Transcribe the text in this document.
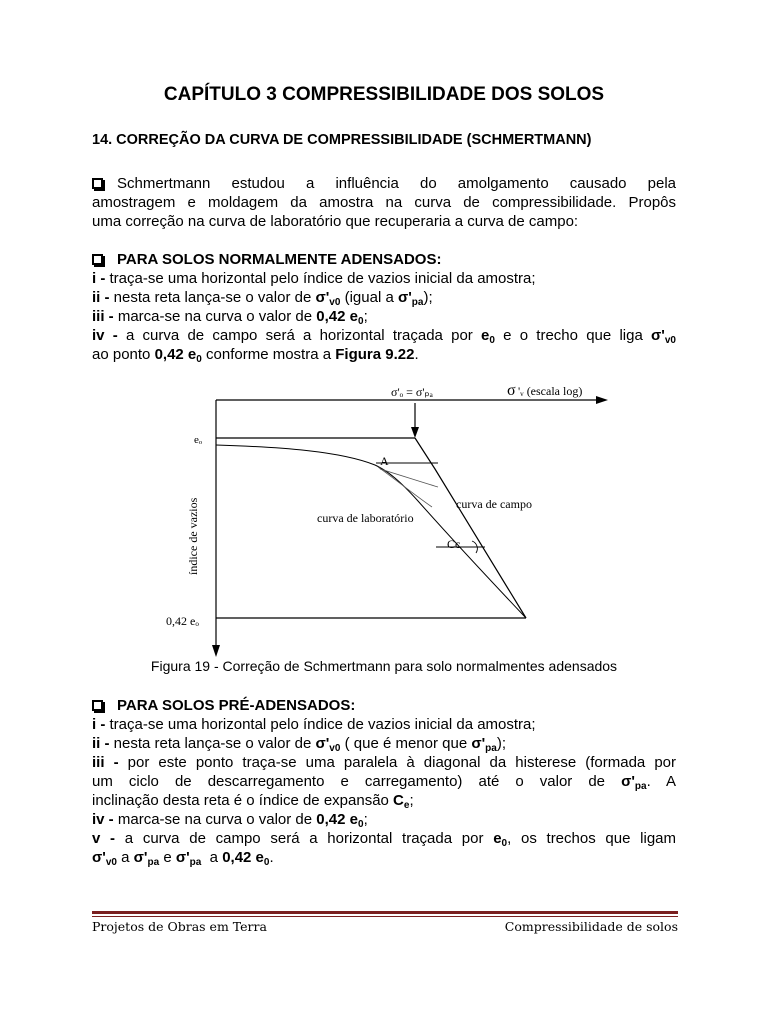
CAPÍTULO 3 COMPRESSIBILIDADE DOS SOLOS
14. CORREÇÃO DA CURVA DE COMPRESSIBILIDADE (SCHMERTMANN)
Schmertmann estudou a influência do amolgamento causado pela
amostragem e moldagem da amostra na curva de compressibilidade. Propôs
uma correção na curva de laboratório que recuperaria a curva de campo:
PARA SOLOS NORMALMENTE ADENSADOS:
i - traça-se uma horizontal pelo índice de vazios inicial da amostra;
ii - nesta reta lança-se o valor de $\sigma'_{v0}$ (igual a $\sigma'_{pa}$);
iii - marca-se na curva o valor de 0,42 $e_0$;
iv - a curva de campo será a horizontal traçada por $e_0$ e o trecho que liga $\sigma'_{v0}$
ao ponto 0,42 $e_0$ conforme mostra a Figura 9.22.
σ'ₒ = σ'ₚₐ	σ 'ᵥ (escala log)
eₒ
0,42 eₒ
A
curva de campo
curva de laboratório
Cc
índice de vazios
Figura 19 - Correção de Schmertmann para solo normalmentes adensados
PARA SOLOS PRÉ-ADENSADOS:
i - traça-se uma horizontal pelo índice de vazios inicial da amostra;
ii - nesta reta lança-se o valor de $\sigma'_{v0}$ ( que é menor que $\sigma'_{pa}$);
iii - por este ponto traça-se uma paralela à diagonal da histerese (formada por
um ciclo de descarregamento e carregamento) até o valor de $\sigma'_{pa}$. A
inclinação desta reta é o índice de expansão $C_e$;
iv - marca-se na curva o valor de 0,42 $e_0$;
v - a curva de campo será a horizontal traçada por $e_0$, os trechos que ligam
$\sigma'_{v0}$ a $\sigma'_{pa}$ e $\sigma'_{pa}$ a 0,42 $e_0$.
Projetos de Obras em Terra	Compressibilidade de solos
